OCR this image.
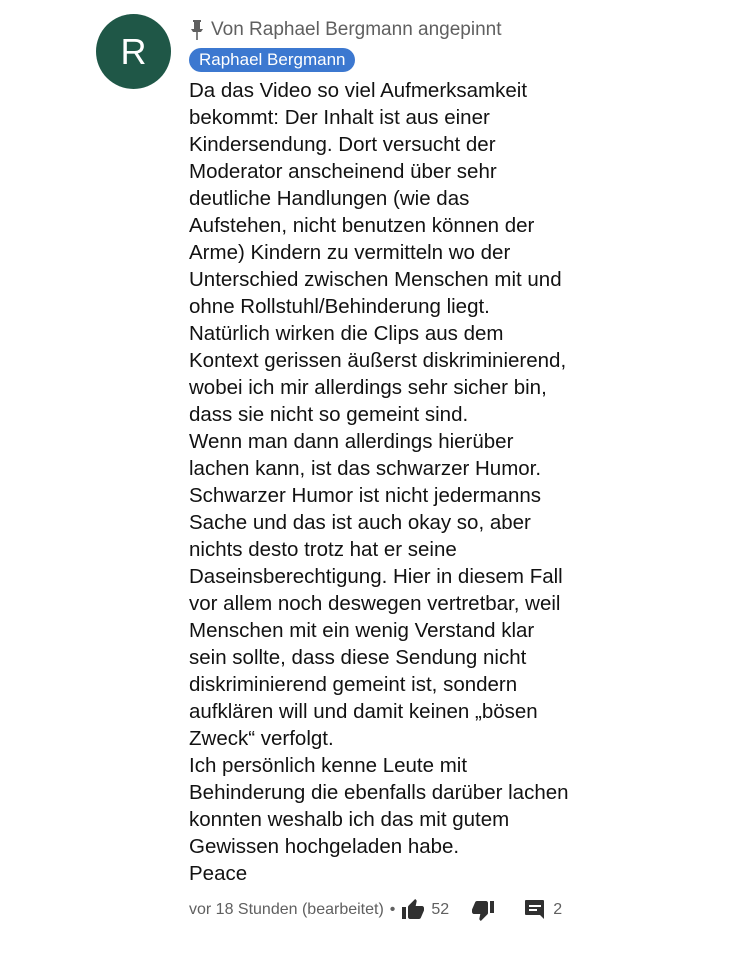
R
Von Raphael Bergmann angepinnt
Raphael Bergmann
Da das Video so viel Aufmerksamkeit
bekommt: Der Inhalt ist aus einer
Kindersendung. Dort versucht der
Moderator anscheinend über sehr
deutliche Handlungen (wie das
Aufstehen, nicht benutzen können der
Arme) Kindern zu vermitteln wo der
Unterschied zwischen Menschen mit und
ohne Rollstuhl/Behinderung liegt.
Natürlich wirken die Clips aus dem
Kontext gerissen äußerst diskriminierend,
wobei ich mir allerdings sehr sicher bin,
dass sie nicht so gemeint sind.
Wenn man dann allerdings hierüber
lachen kann, ist das schwarzer Humor.
Schwarzer Humor ist nicht jedermanns
Sache und das ist auch okay so, aber
nichts desto trotz hat er seine
Daseinsberechtigung. Hier in diesem Fall
vor allem noch deswegen vertretbar, weil
Menschen mit ein wenig Verstand klar
sein sollte, dass diese Sendung nicht
diskriminierend gemeint ist, sondern
aufklären will und damit keinen „bösen
Zweck“ verfolgt.
Ich persönlich kenne Leute mit
Behinderung die ebenfalls darüber lachen
konnten weshalb ich das mit gutem
Gewissen hochgeladen habe.
Peace
vor 18 Stunden (bearbeitet) • 52	2
